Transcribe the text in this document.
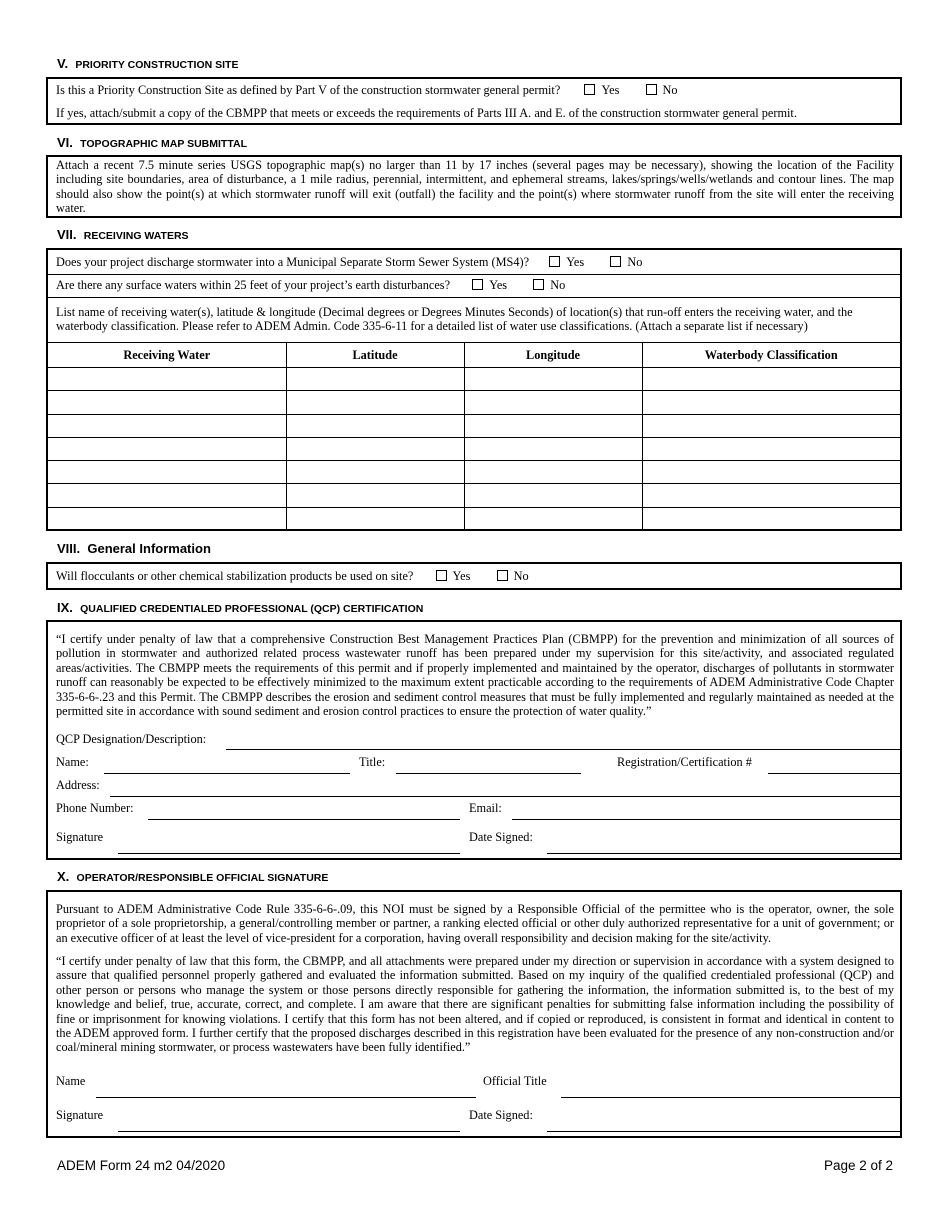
V. PRIORITY CONSTRUCTION SITE
Is this a Priority Construction Site as defined by Part V of the construction stormwater general permit?	Yes	No
If yes, attach/submit a copy of the CBMPP that meets or exceeds the requirements of Parts III A. and E. of the construction stormwater general permit.
VI. TOPOGRAPHIC MAP SUBMITTAL
Attach a recent 7.5 minute series USGS topographic map(s) no larger than 11 by 17 inches (several pages may be necessary), showing the location of the Facility including site boundaries, area of disturbance, a 1 mile radius, perennial, intermittent, and ephemeral streams, lakes/springs/wells/wetlands and contour lines. The map should also show the point(s) at which stormwater runoff will exit (outfall) the facility and the point(s) where stormwater runoff from the site will enter the receiving water.
VII. RECEIVING WATERS
Does your project discharge stormwater into a Municipal Separate Storm Sewer System (MS4)?	Yes	No
Are there any surface waters within 25 feet of your project’s earth disturbances?	Yes	No
List name of receiving water(s), latitude & longitude (Decimal degrees or Degrees Minutes Seconds) of location(s) that run-off enters the receiving water, and the waterbody classification. Please refer to ADEM Admin. Code 335-6-11 for a detailed list of water use classifications. (Attach a separate list if necessary)
Receiving Water	Latitude	Longitude	Waterbody Classification

VIII. General Information
Will flocculants or other chemical stabilization products be used on site?	Yes	No
IX. QUALIFIED CREDENTIALED PROFESSIONAL (QCP) CERTIFICATION
“I certify under penalty of law that a comprehensive Construction Best Management Practices Plan (CBMPP) for the prevention and minimization of all sources of pollution in stormwater and authorized related process wastewater runoff has been prepared under my supervision for this site/activity, and associated regulated areas/activities. The CBMPP meets the requirements of this permit and if properly implemented and maintained by the operator, discharges of pollutants in stormwater runoff can reasonably be expected to be effectively minimized to the maximum extent practicable according to the requirements of ADEM Administrative Code Chapter 335-6-6-.23 and this Permit. The CBMPP describes the erosion and sediment control measures that must be fully implemented and regularly maintained as needed at the permitted site in accordance with sound sediment and erosion control practices to ensure the protection of water quality.”
QCP Designation/Description:
Name:	Title:	Registration/Certification #
Address:
Phone Number:	Email:
Signature	Date Signed:
X. OPERATOR/RESPONSIBLE OFFICIAL SIGNATURE
Pursuant to ADEM Administrative Code Rule 335-6-6-.09, this NOI must be signed by a Responsible Official of the permittee who is the operator, owner, the sole proprietor of a sole proprietorship, a general/controlling member or partner, a ranking elected official or other duly authorized representative for a unit of government; or an executive officer of at least the level of vice-president for a corporation, having overall responsibility and decision making for the site/activity.
“I certify under penalty of law that this form, the CBMPP, and all attachments were prepared under my direction or supervision in accordance with a system designed to assure that qualified personnel properly gathered and evaluated the information submitted. Based on my inquiry of the qualified credentialed professional (QCP) and other person or persons who manage the system or those persons directly responsible for gathering the information, the information submitted is, to the best of my knowledge and belief, true, accurate, correct, and complete. I am aware that there are significant penalties for submitting false information including the possibility of fine or imprisonment for knowing violations. I certify that this form has not been altered, and if copied or reproduced, is consistent in format and identical in content to the ADEM approved form. I further certify that the proposed discharges described in this registration have been evaluated for the presence of any non-construction and/or coal/mineral mining stormwater, or process wastewaters have been fully identified.”
Name	Official Title
Signature	Date Signed:
ADEM Form 24 m2 04/2020	Page 2 of 2
